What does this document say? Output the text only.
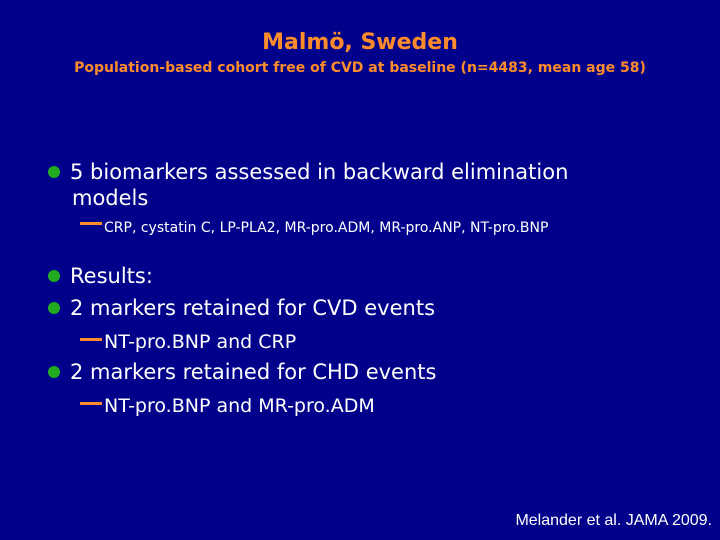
Malmö, Sweden
Population-based cohort free of CVD at baseline (n=4483, mean age 58)
5 biomarkers assessed in backward elimination
models
CRP, cystatin C, LP-PLA2, MR-pro.ADM, MR-pro.ANP, NT-pro.BNP
Results:
2 markers retained for CVD events
NT-pro.BNP and CRP
2 markers retained for CHD events
NT-pro.BNP and MR-pro.ADM
Melander et al. JAMA 2009.
